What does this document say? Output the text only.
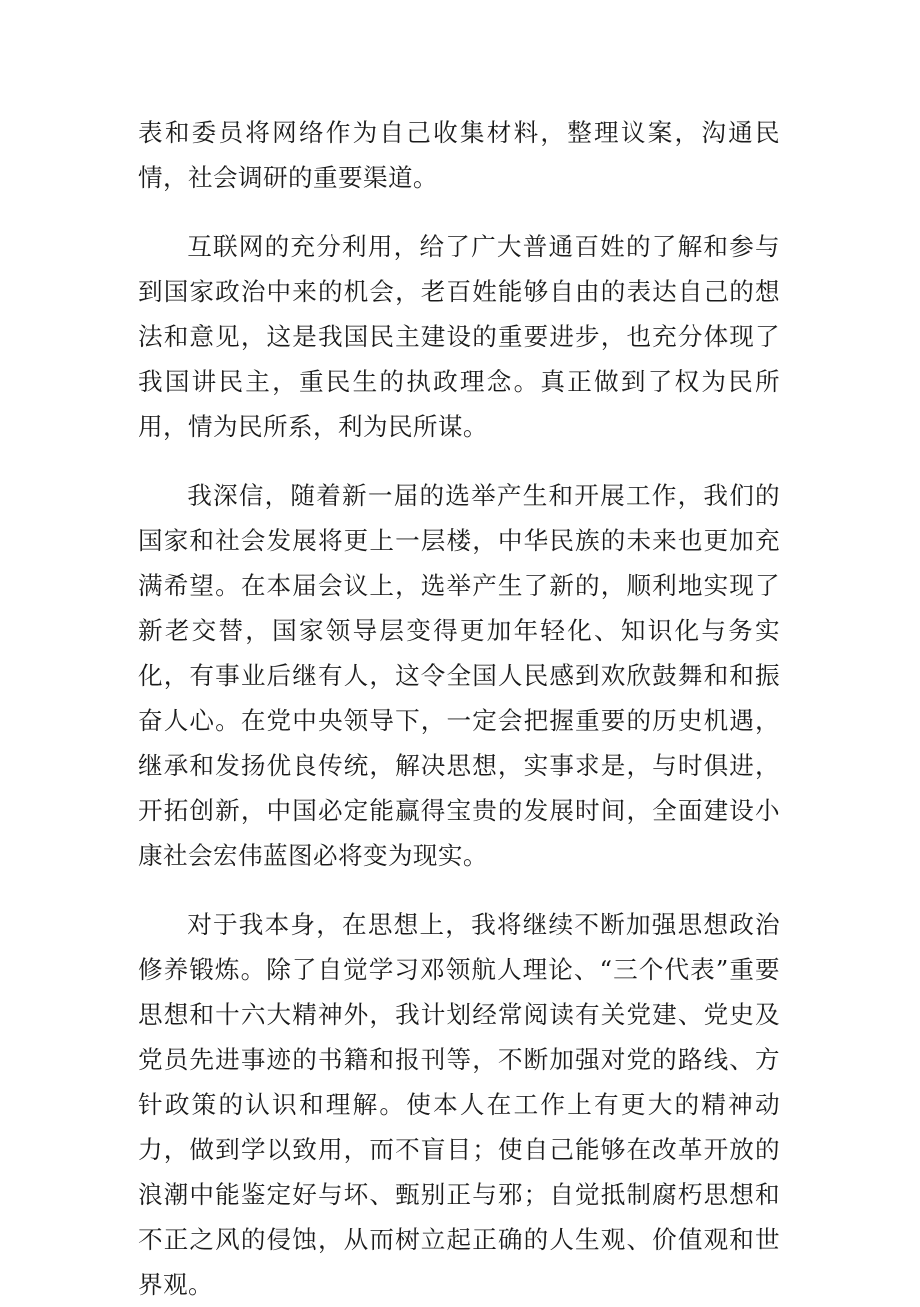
表和委员将网络作为自己收集材料，整理议案，沟通民情，社会调研的重要渠道。

互联网的充分利用，给了广大普通百姓的了解和参与到国家政治中来的机会，老百姓能够自由的表达自己的想法和意见，这是我国民主建设的重要进步，也充分体现了我国讲民主，重民生的执政理念。真正做到了权为民所用，情为民所系，利为民所谋。

我深信，随着新一届的选举产生和开展工作，我们的国家和社会发展将更上一层楼，中华民族的未来也更加充满希望。在本届会议上，选举产生了新的，顺利地实现了新老交替，国家领导层变得更加年轻化、知识化与务实化，有事业后继有人，这令全国人民感到欢欣鼓舞和和振奋人心。在党中央领导下，一定会把握重要的历史机遇，继承和发扬优良传统，解决思想，实事求是，与时俱进，开拓创新，中国必定能赢得宝贵的发展时间，全面建设小康社会宏伟蓝图必将变为现实。

对于我本身，在思想上，我将继续不断加强思想政治修养锻炼。除了自觉学习邓领航人理论、“三个代表”重要思想和十六大精神外，我计划经常阅读有关党建、党史及党员先进事迹的书籍和报刊等，不断加强对党的路线、方针政策的认识和理解。使本人在工作上有更大的精神动力，做到学以致用，而不盲目；使自己能够在改革开放的浪潮中能鉴定好与坏、甄别正与邪；自觉抵制腐朽思想和不正之风的侵蚀，从而树立起正确的人生观、价值观和世界观。
